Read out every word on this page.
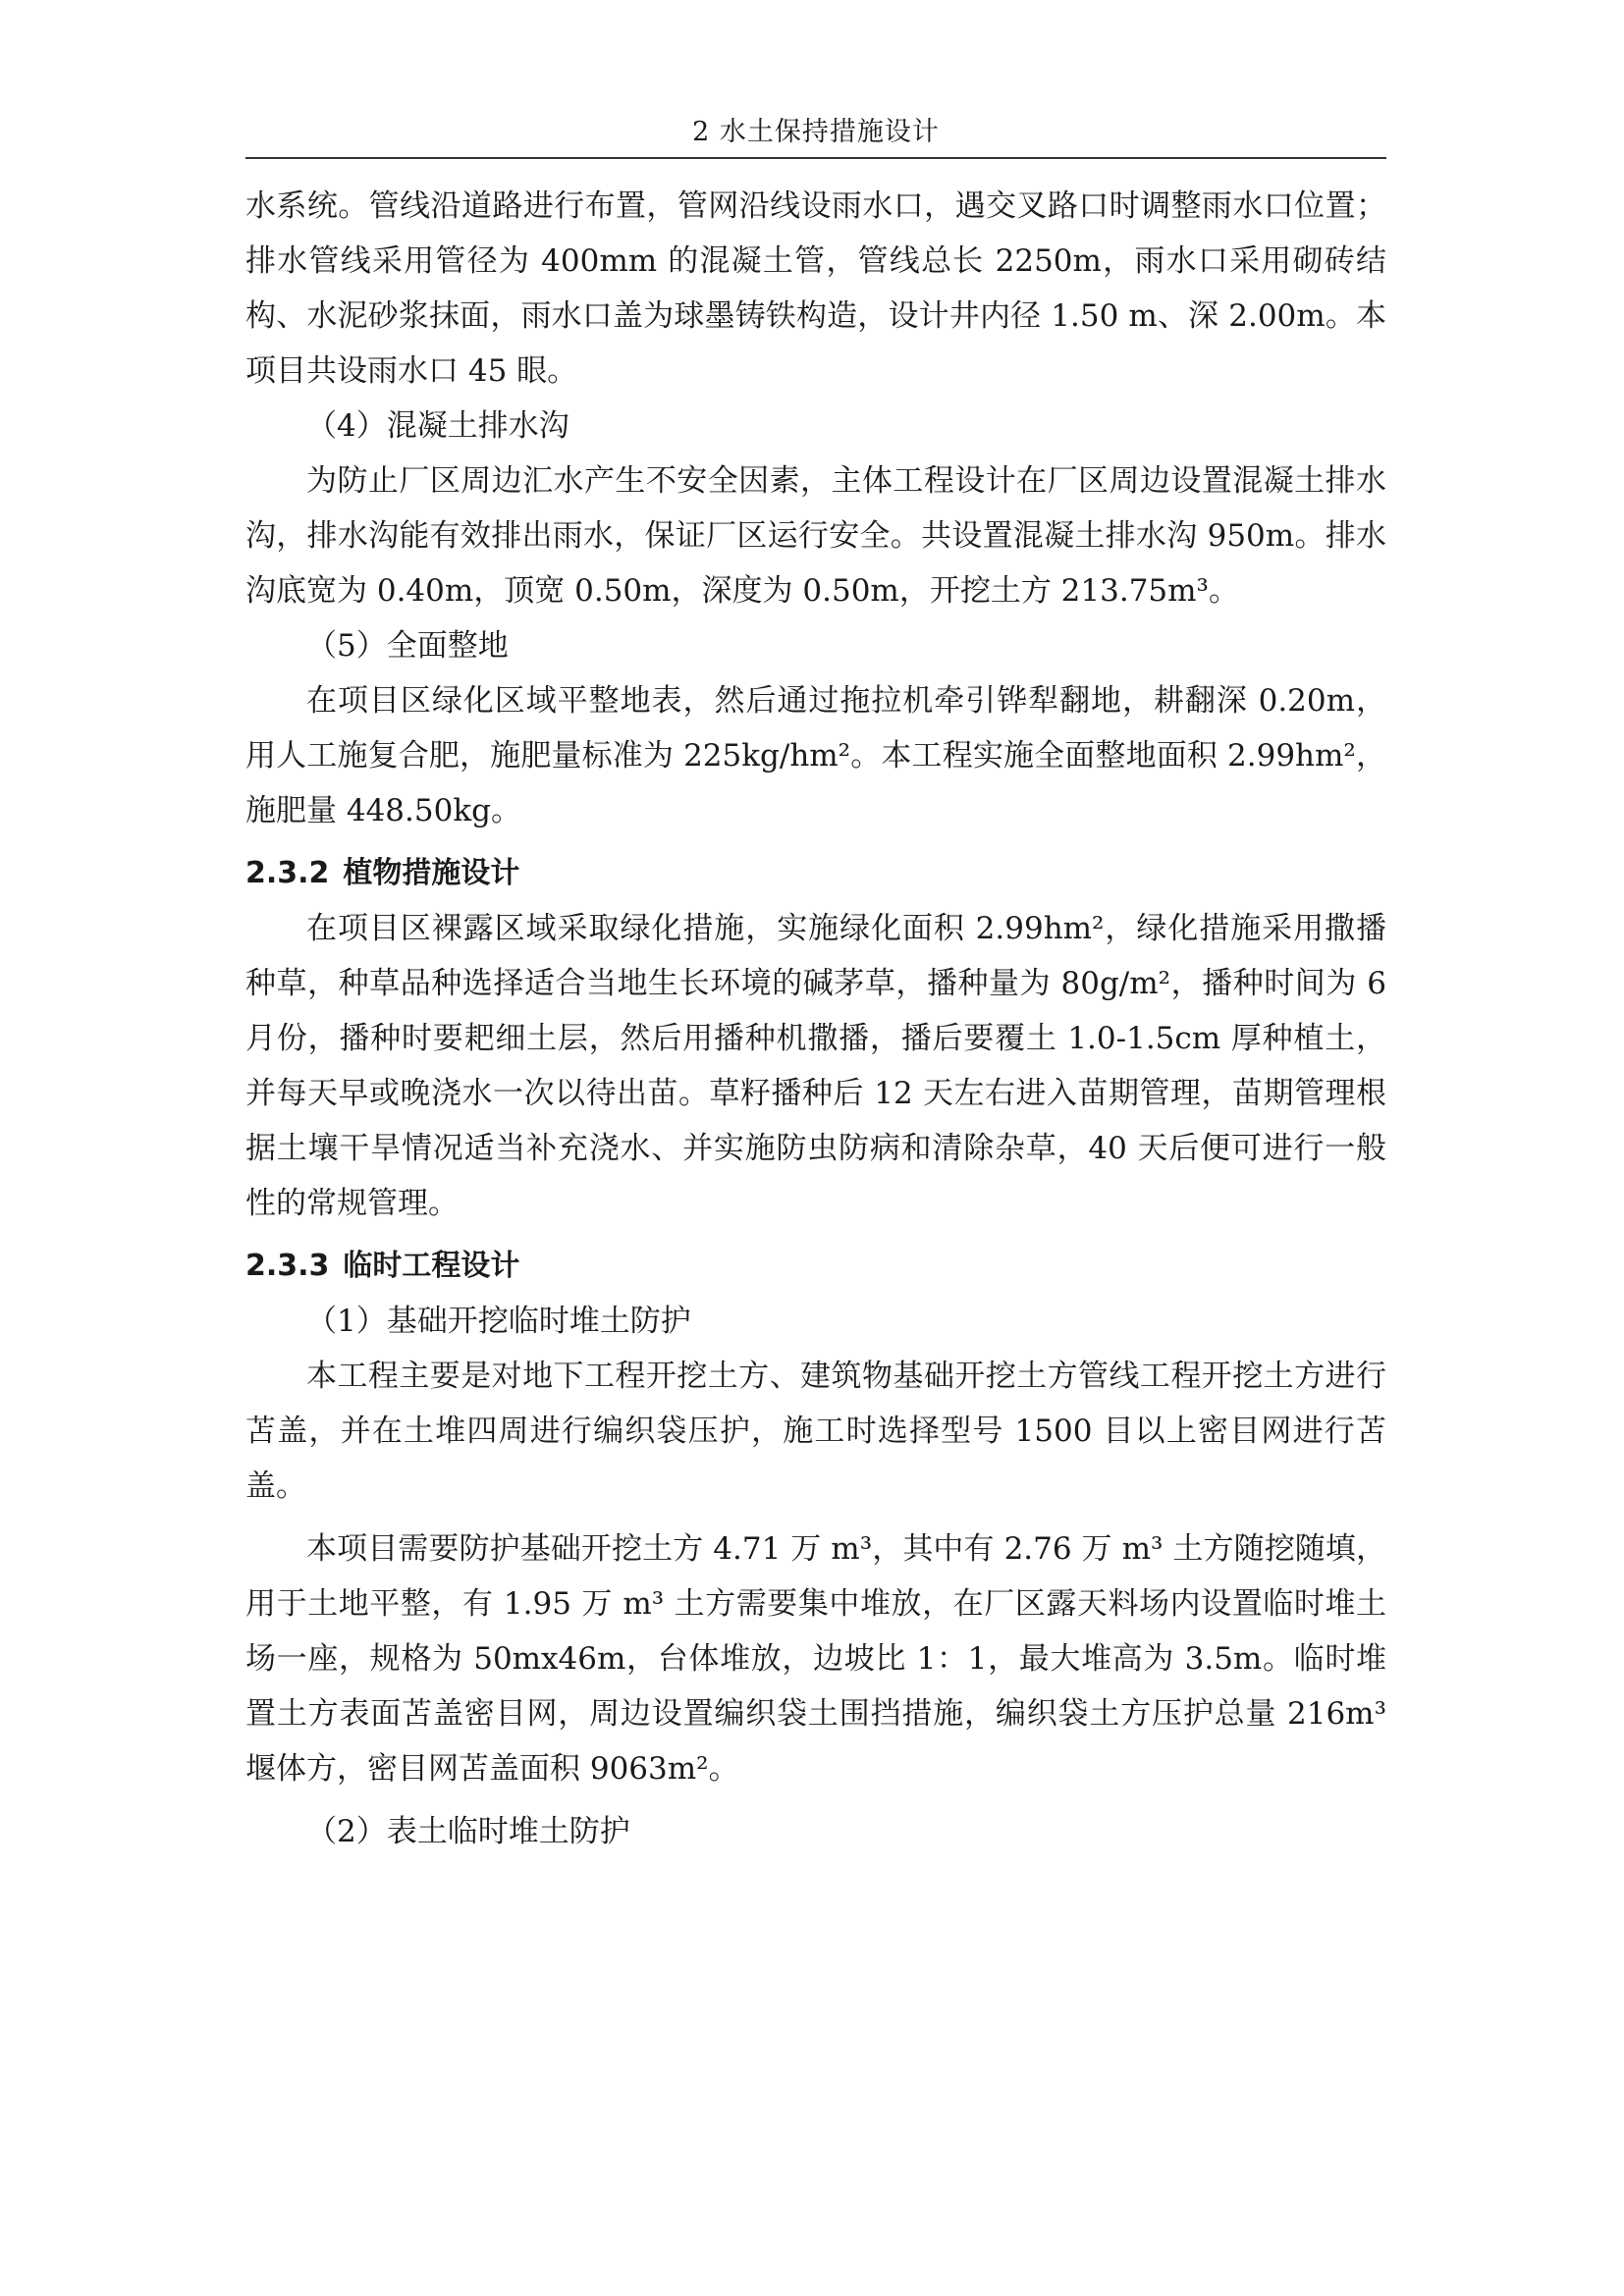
2 水土保持措施设计

水系统。管线沿道路进行布置，管网沿线设雨水口，遇交叉路口时调整雨水口位置；排水管线采用管径为 400mm 的混凝土管，管线总长 2250m，雨水口采用砌砖结构、水泥砂浆抹面，雨水口盖为球墨铸铁构造，设计井内径 1.50 m、深 2.00m。本项目共设雨水口 45 眼。

（4）混凝土排水沟

为防止厂区周边汇水产生不安全因素，主体工程设计在厂区周边设置混凝土排水沟，排水沟能有效排出雨水，保证厂区运行安全。共设置混凝土排水沟 950m。排水沟底宽为 0.40m，顶宽 0.50m，深度为 0.50m，开挖土方 213.75m³。

（5）全面整地

在项目区绿化区域平整地表，然后通过拖拉机牵引铧犁翻地，耕翻深 0.20m，用人工施复合肥，施肥量标准为 225kg/hm²。本工程实施全面整地面积 2.99hm²，施肥量 448.50kg。

2.3.2 植物措施设计

在项目区裸露区域采取绿化措施，实施绿化面积 2.99hm²，绿化措施采用撒播种草，种草品种选择适合当地生长环境的碱茅草，播种量为 80g/m²，播种时间为 6 月份，播种时要耙细土层，然后用播种机撒播，播后要覆土 1.0-1.5cm 厚种植土，并每天早或晚浇水一次以待出苗。草籽播种后 12 天左右进入苗期管理，苗期管理根据土壤干旱情况适当补充浇水、并实施防虫防病和清除杂草，40 天后便可进行一般性的常规管理。

2.3.3 临时工程设计

（1）基础开挖临时堆土防护

本工程主要是对地下工程开挖土方、建筑物基础开挖土方管线工程开挖土方进行苫盖，并在土堆四周进行编织袋压护，施工时选择型号 1500 目以上密目网进行苫盖。

本项目需要防护基础开挖土方 4.71 万 m³，其中有 2.76 万 m³ 土方随挖随填，用于土地平整，有 1.95 万 m³ 土方需要集中堆放，在厂区露天料场内设置临时堆土场一座，规格为 50mx46m，台体堆放，边坡比 1：1，最大堆高为 3.5m。临时堆置土方表面苫盖密目网，周边设置编织袋土围挡措施，编织袋土方压护总量 216m³ 堰体方，密目网苫盖面积 9063m²。

（2）表土临时堆土防护
